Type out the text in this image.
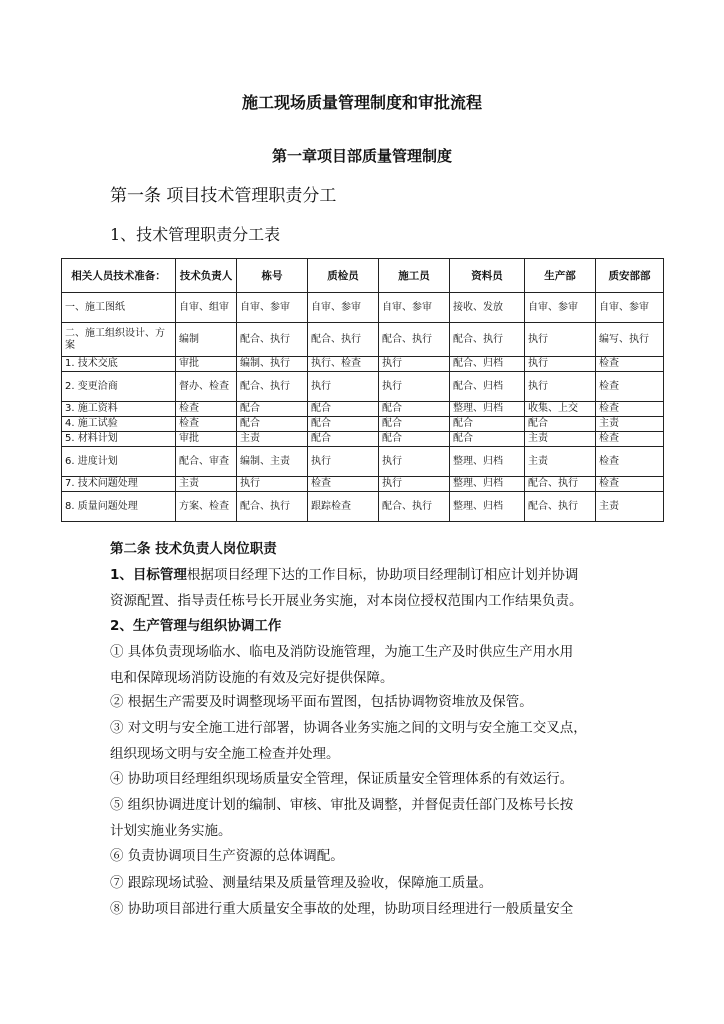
施工现场质量管理制度和审批流程
第一章项目部质量管理制度
第一条 项目技术管理职责分工
1、技术管理职责分工表
相关人员技术准备：	技术负责人	栋号	质检员	施工员	资料员	生产部	质安部部
一、施工图纸	自审、组审	自审、参审	自审、参审	自审、参审	接收、发放	自审、参审	自审、参审
二、施工组织设计、方案	编制	配合、执行	配合、执行	配合、执行	配合、执行	执行	编写、执行
1. 技术交底	审批	编制、执行	执行、检查	执行	配合、归档	执行	检查
2. 变更洽商	督办、检查	配合、执行	执行	执行	配合、归档	执行	检查
3. 施工资料	检查	配合	配合	配合	整理、归档	收集、上交	检查
4. 施工试验	检查	配合	配合	配合	配合	配合	主责
5. 材料计划	审批	主责	配合	配合	配合	主责	检查
6. 进度计划	配合、审查	编制、主责	执行	执行	整理、归档	主责	检查
7. 技术问题处理	主责	执行	检查	执行	整理、归档	配合、执行	检查
8. 质量问题处理	方案、检查	配合、执行	跟踪检查	配合、执行	整理、归档	配合、执行	主责
第二条 技术负责人岗位职责
1、目标管理根据项目经理下达的工作目标，协助项目经理制订相应计划并协调
资源配置、指导责任栋号长开展业务实施，对本岗位授权范围内工作结果负责。
2、生产管理与组织协调工作
① 具体负责现场临水、临电及消防设施管理，为施工生产及时供应生产用水用
电和保障现场消防设施的有效及完好提供保障。
② 根据生产需要及时调整现场平面布置图，包括协调物资堆放及保管。
③ 对文明与安全施工进行部署，协调各业务实施之间的文明与安全施工交叉点，
组织现场文明与安全施工检查并处理。
④ 协助项目经理组织现场质量安全管理，保证质量安全管理体系的有效运行。
⑤ 组织协调进度计划的编制、审核、审批及调整，并督促责任部门及栋号长按
计划实施业务实施。
⑥ 负责协调项目生产资源的总体调配。
⑦ 跟踪现场试验、测量结果及质量管理及验收，保障施工质量。
⑧ 协助项目部进行重大质量安全事故的处理，协助项目经理进行一般质量安全
